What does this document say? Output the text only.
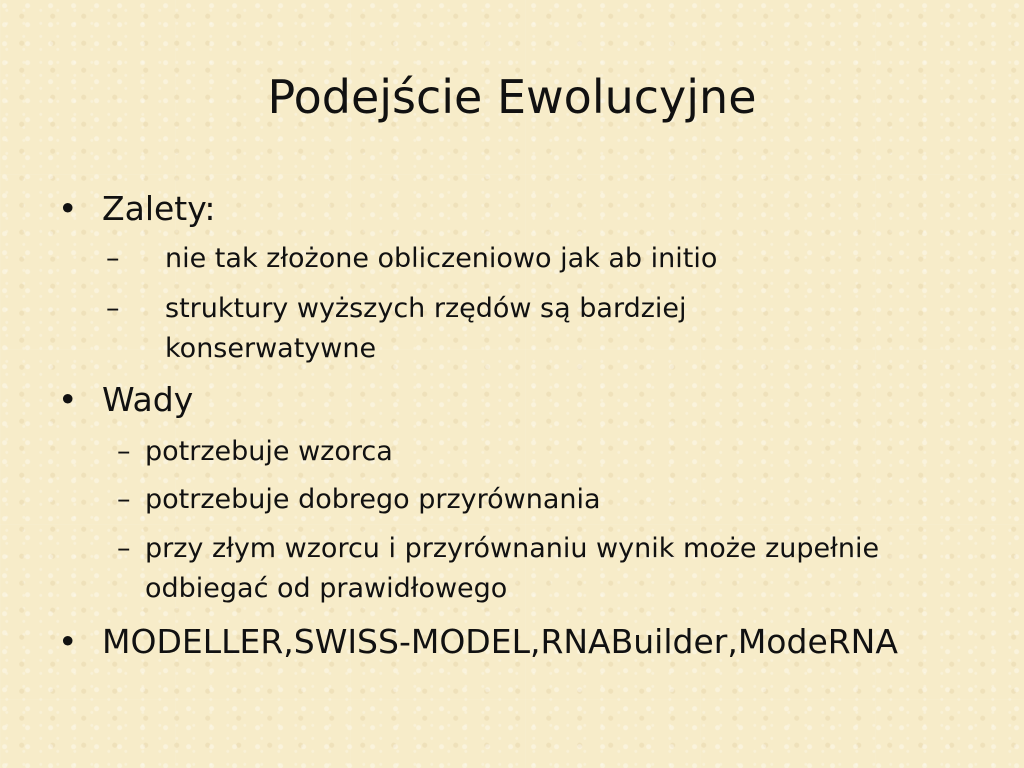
Podejście Ewolucyjne
• Zalety:
– nie tak złożone obliczeniowo jak ab initio
– struktury wyższych rzędów są bardziej
konserwatywne
• Wady
– potrzebuje wzorca
– potrzebuje dobrego przyrównania
– przy złym wzorcu i przyrównaniu wynik może zupełnie
odbiegać od prawidłowego
• MODELLER,SWISS-MODEL,RNABuilder,ModeRNA
